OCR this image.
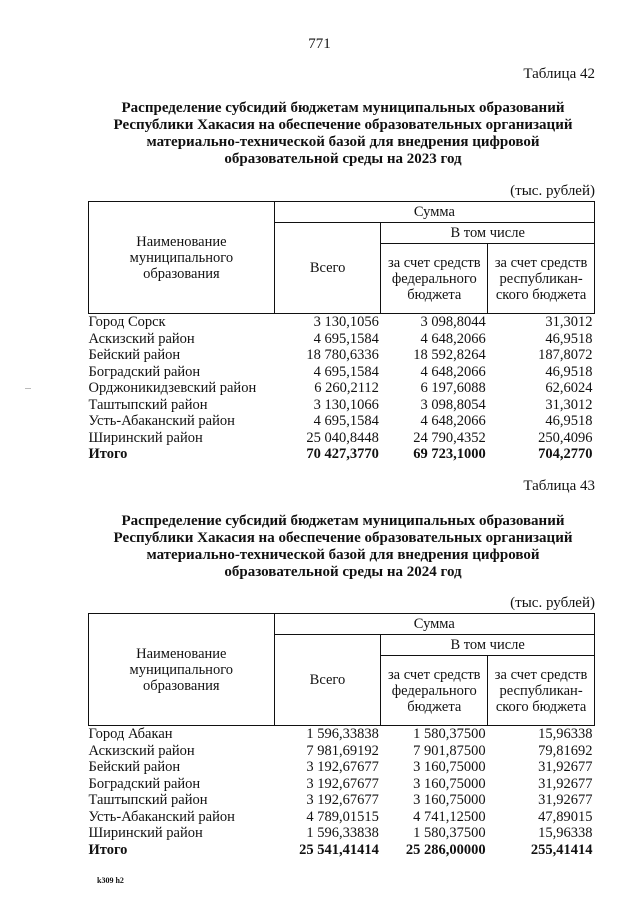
771
Таблица 42
Распределение субсидий бюджетам муниципальных образований
Республики Хакасия на обеспечение образовательных организаций
материально-технической базой для внедрения цифровой
образовательной среды на 2023 год
(тыс. рублей)
Наименование муниципального образования	Сумма		
	Всего	В том числе	
		за счет средств федерального бюджета	за счет средств республикан-ского бюджета
Город Сорск	3 130,1056	3 098,8044	31,3012
Аскизский район	4 695,1584	4 648,2066	46,9518
Бейский район	18 780,6336	18 592,8264	187,8072
Боградский район	4 695,1584	4 648,2066	46,9518
Орджоникидзевский район	6 260,2112	6 197,6088	62,6024
Таштыпский район	3 130,1066	3 098,8054	31,3012
Усть-Абаканский район	4 695,1584	4 648,2066	46,9518
Ширинский район	25 040,8448	24 790,4352	250,4096
Итого	70 427,3770	69 723,1000	704,2770
Таблица 43
Распределение субсидий бюджетам муниципальных образований
Республики Хакасия на обеспечение образовательных организаций
материально-технической базой для внедрения цифровой
образовательной среды на 2024 год
(тыс. рублей)
Наименование муниципального образования	Сумма		
	Всего	В том числе	
		за счет средств федерального бюджета	за счет средств республикан-ского бюджета
Город Абакан	1 596,33838	1 580,37500	15,96338
Аскизский район	7 981,69192	7 901,87500	79,81692
Бейский район	3 192,67677	3 160,75000	31,92677
Боградский район	3 192,67677	3 160,75000	31,92677
Таштыпский район	3 192,67677	3 160,75000	31,92677
Усть-Абаканский район	4 789,01515	4 741,12500	47,89015
Ширинский район	1 596,33838	1 580,37500	15,96338
Итого	25 541,41414	25 286,00000	255,41414
k309 h2
